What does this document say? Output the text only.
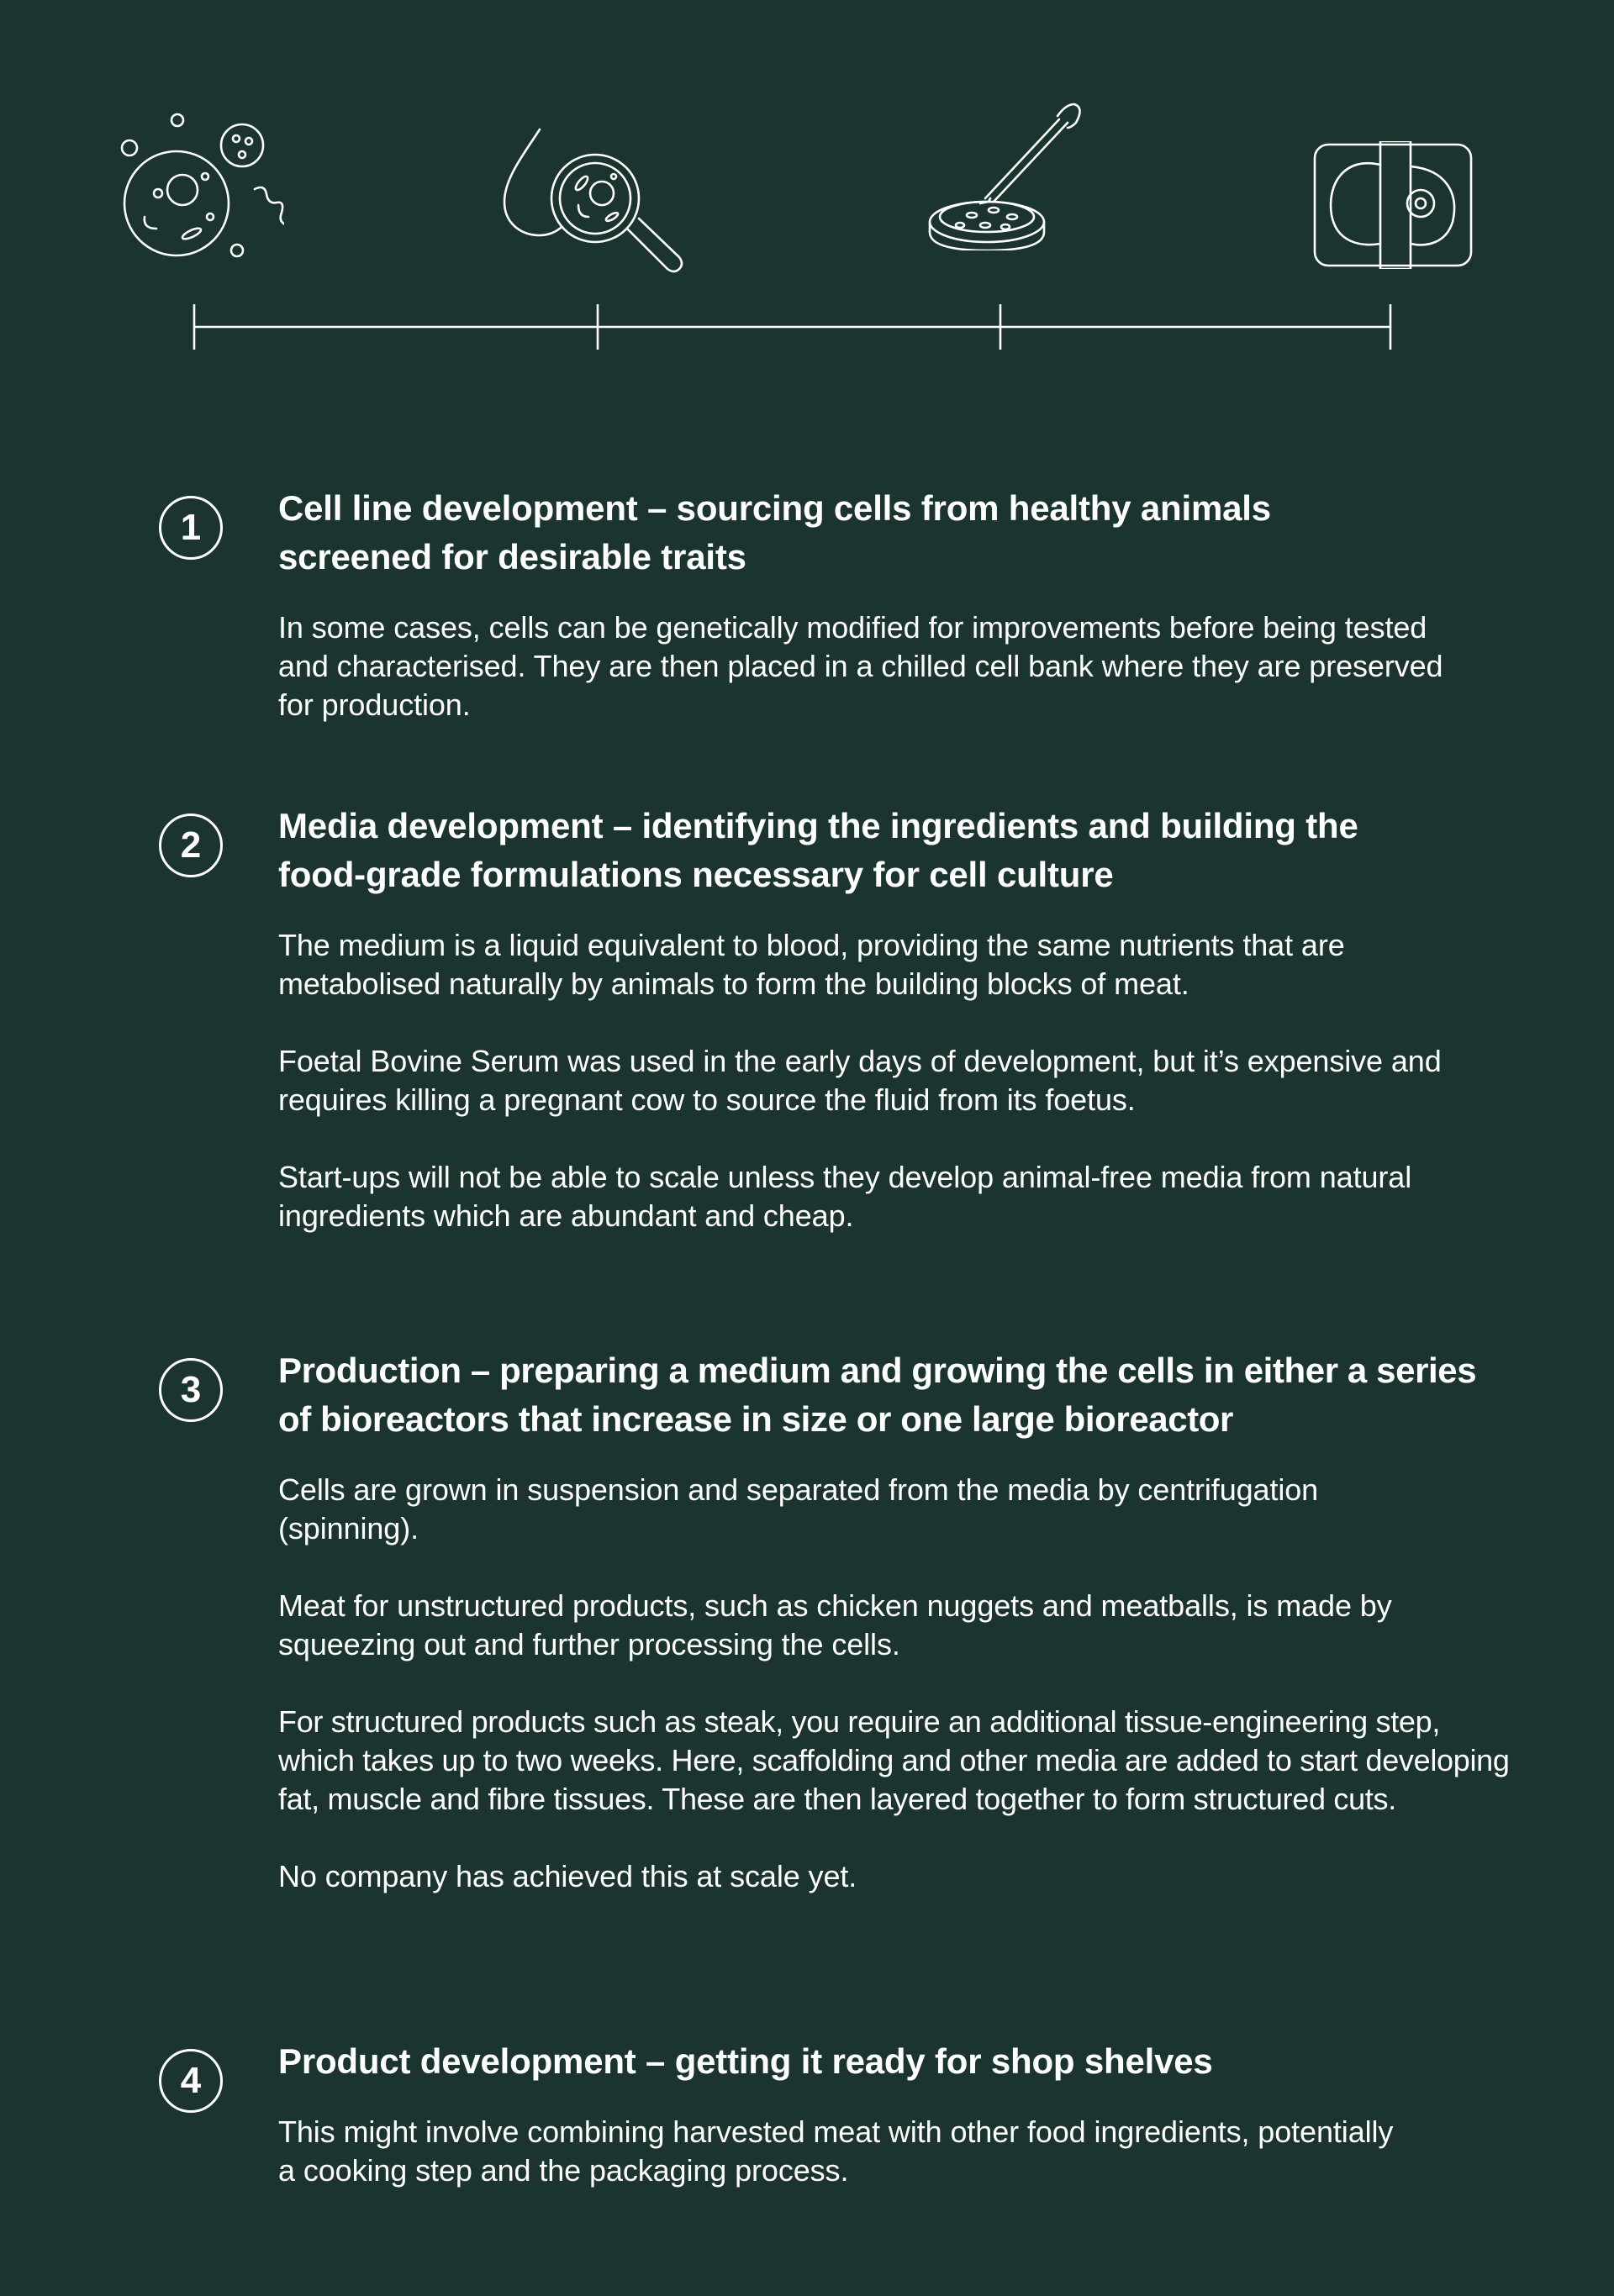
1	Cell line development – sourcing cells from healthy animals screened for desirable traits

In some cases, cells can be genetically modified for improvements before being tested and characterised. They are then placed in a chilled cell bank where they are preserved for production.

2	Media development – identifying the ingredients and building the food-grade formulations necessary for cell culture

The medium is a liquid equivalent to blood, providing the same nutrients that are metabolised naturally by animals to form the building blocks of meat.

Foetal Bovine Serum was used in the early days of development, but it’s expensive and requires killing a pregnant cow to source the fluid from its foetus.

Start-ups will not be able to scale unless they develop animal-free media from natural ingredients which are abundant and cheap.

3	Production – preparing a medium and growing the cells in either a series of bioreactors that increase in size or one large bioreactor

Cells are grown in suspension and separated from the media by centrifugation (spinning).

Meat for unstructured products, such as chicken nuggets and meatballs, is made by squeezing out and further processing the cells.

For structured products such as steak, you require an additional tissue-engineering step, which takes up to two weeks. Here, scaffolding and other media are added to start developing fat, muscle and fibre tissues. These are then layered together to form structured cuts.

No company has achieved this at scale yet.

4	Product development – getting it ready for shop shelves

This might involve combining harvested meat with other food ingredients, potentially a cooking step and the packaging process.
